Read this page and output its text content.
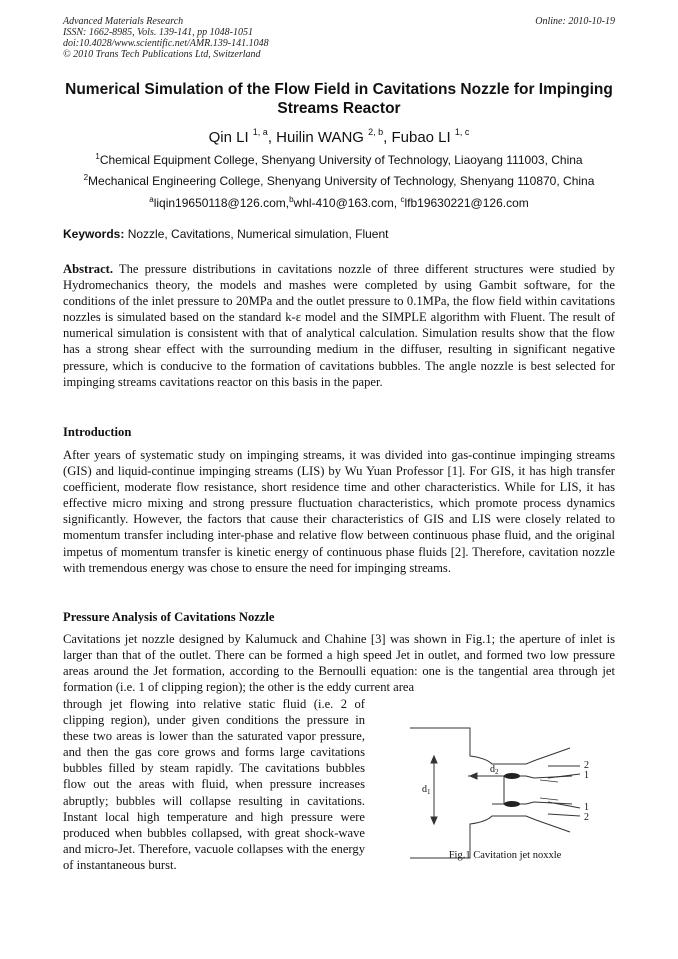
Advanced Materials Research
ISSN: 1662-8985, Vols. 139-141, pp 1048-1051
doi:10.4028/www.scientific.net/AMR.139-141.1048
© 2010 Trans Tech Publications Ltd, Switzerland
Online: 2010-10-19
Numerical Simulation of the Flow Field in Cavitations Nozzle for Impinging Streams Reactor
Qin LI $^{1, a}$, Huilin WANG $^{2, b}$, Fubao LI $^{1, c}$
$^1$Chemical Equipment College, Shenyang University of Technology, Liaoyang 111003, China
$^2$Mechanical Engineering College, Shenyang University of Technology, Shenyang 110870, China
$^a$liqin19650118@126.com,$^b$whl-410@163.com, $^c$lfb19630221@126.com
Keywords: Nozzle, Cavitations, Numerical simulation, Fluent
Abstract. The pressure distributions in cavitations nozzle of three different structures were studied by Hydromechanics theory, the models and mashes were completed by using Gambit software, for the conditions of the inlet pressure to 20MPa and the outlet pressure to 0.1MPa, the flow field within cavitations nozzles is simulated based on the standard k-ε model and the SIMPLE algorithm with Fluent. The result of numerical simulation is consistent with that of analytical calculation. Simulation results show that the flow has a strong shear effect with the surrounding medium in the diffuser, resulting in significant negative pressure, which is conducive to the formation of cavitations bubbles. The angle nozzle is best selected for impinging streams cavitations reactor on this basis in the paper.
Introduction
After years of systematic study on impinging streams, it was divided into gas-continue impinging streams (GIS) and liquid-continue impinging streams (LIS) by Wu Yuan Professor [1]. For GIS, it has high transfer coefficient, moderate flow resistance, short residence time and other characteristics. While for LIS, it has effective micro mixing and strong pressure fluctuation characteristics, which promote process dynamics significantly. However, the factors that cause their characteristics of GIS and LIS were closely related to momentum transfer including inter-phase and relative flow between continuous phase fluid, and the original impetus of momentum transfer is kinetic energy of continuous phase fluids [2]. Therefore, cavitation nozzle with tremendous energy was chose to ensure the need for impinging streams.
Pressure Analysis of Cavitations Nozzle
Cavitations jet nozzle designed by Kalumuck and Chahine [3] was shown in Fig.1; the aperture of inlet is larger than that of the outlet. There can be formed a high speed Jet in outlet, and formed two low pressure areas around the Jet formation, according to the Bernoulli equation: one is the tangential area through jet formation (i.e. 1 of clipping region); the other is the eddy current area
through jet flowing into relative static fluid (i.e. 2 of clipping region), under given conditions the pressure in these two areas is lower than the saturated vapor pressure, and then the gas core grows and forms large cavitations bubbles filled by steam rapidly. The cavitations bubbles flow out the areas with fluid, when pressure increases abruptly; bubbles will collapse resulting in cavitations. Instant local high temperature and high pressure were produced when bubbles collapsed, with great shock-wave and micro-Jet. Therefore, vacuole collapses with the energy of instantaneous burst.
$d_1$
$d_2$
2
1
1
2
Fig.1 Cavitation jet noxxle
